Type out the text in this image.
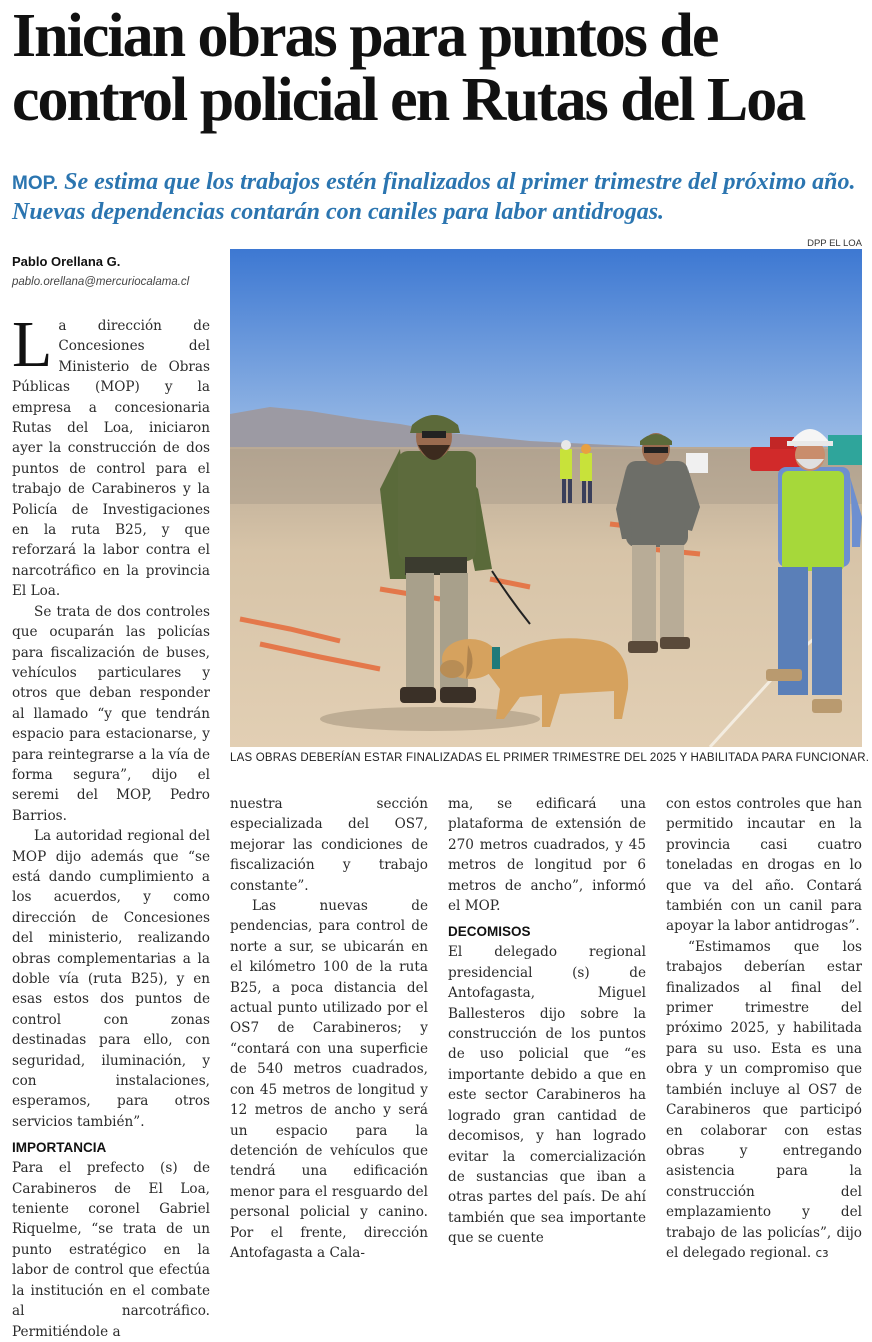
Inician obras para puntos de control policial en Rutas del Loa

MOP. Se estima que los trabajos estén finalizados al primer trimestre del próximo año. Nuevas dependencias contarán con caniles para labor antidrogas.

DPP EL LOA
LAS OBRAS DEBERÍAN ESTAR FINALIZADAS EL PRIMER TRIMESTRE DEL 2025 Y HABILITADA PARA FUNCIONAR.
Pablo Orellana G.
pablo.orellana@mercuriocalama.cl

La dirección de Concesiones del Ministerio de Obras Públicas (MOP) y la empresa a concesionaria Rutas del Loa, iniciaron ayer la construcción de dos puntos de control para el trabajo de Carabineros y la Policía de Investigaciones en la ruta B25, y que reforzará la labor contra el narcotráfico en la provincia El Loa.

Se trata de dos controles que ocuparán las policías para fiscalización de buses, vehículos particulares y otros que deban responder al llamado “y que tendrán espacio para estacionarse, y para reintegrarse a la vía de forma segura”, dijo el seremi del MOP, Pedro Barrios.

La autoridad regional del MOP dijo además que “se está dando cumplimiento a los acuerdos, y como dirección de Concesiones del ministerio, realizando obras complementarias a la doble vía (ruta B25), y en esas estos dos puntos de control con zonas destinadas para ello, con seguridad, iluminación, y con instalaciones, esperamos, para otros servicios también”.

IMPORTANCIA

Para el prefecto (s) de Carabineros de El Loa, teniente coronel Gabriel Riquelme, “se trata de un punto estratégico en la labor de control que efectúa la institución en el combate al narcotráfico. Permitiéndole a

nuestra sección especializada del OS7, mejorar las condiciones de fiscalización y trabajo constante”.

Las nuevas de pendencias, para control de norte a sur, se ubicarán en el kilómetro 100 de la ruta B25, a poca distancia del actual punto utilizado por el OS7 de Carabineros; y “contará con una superficie de 540 metros cuadrados, con 45 metros de longitud y 12 metros de ancho y será un espacio para la detención de vehículos que tendrá una edificación menor para el resguardo del personal policial y canino. Por el frente, dirección Antofagasta a Cala-

ma, se edificará una plataforma de extensión de 270 metros cuadrados, y 45 metros de longitud por 6 metros de ancho”, informó el MOP.

DECOMISOS

El delegado regional presidencial (s) de Antofagasta, Miguel Ballesteros dijo sobre la construcción de los puntos de uso policial que “es importante debido a que en este sector Carabineros ha logrado gran cantidad de decomisos, y han logrado evitar la comercialización de sustancias que iban a otras partes del país. De ahí también que sea importante que se cuente

con estos controles que han permitido incautar en la provincia casi cuatro toneladas en drogas en lo que va del año. Contará también con un canil para apoyar la labor antidrogas”.

“Estimamos que los trabajos deberían estar finalizados al final del primer trimestre del próximo 2025, y habilitada para su uso. Esta es una obra y un compromiso que también incluye al OS7 de Carabineros que participó en colaborar con estas obras y entregando asistencia para la construcción del emplazamiento y del trabajo de las policías”, dijo el delegado regional. cз
